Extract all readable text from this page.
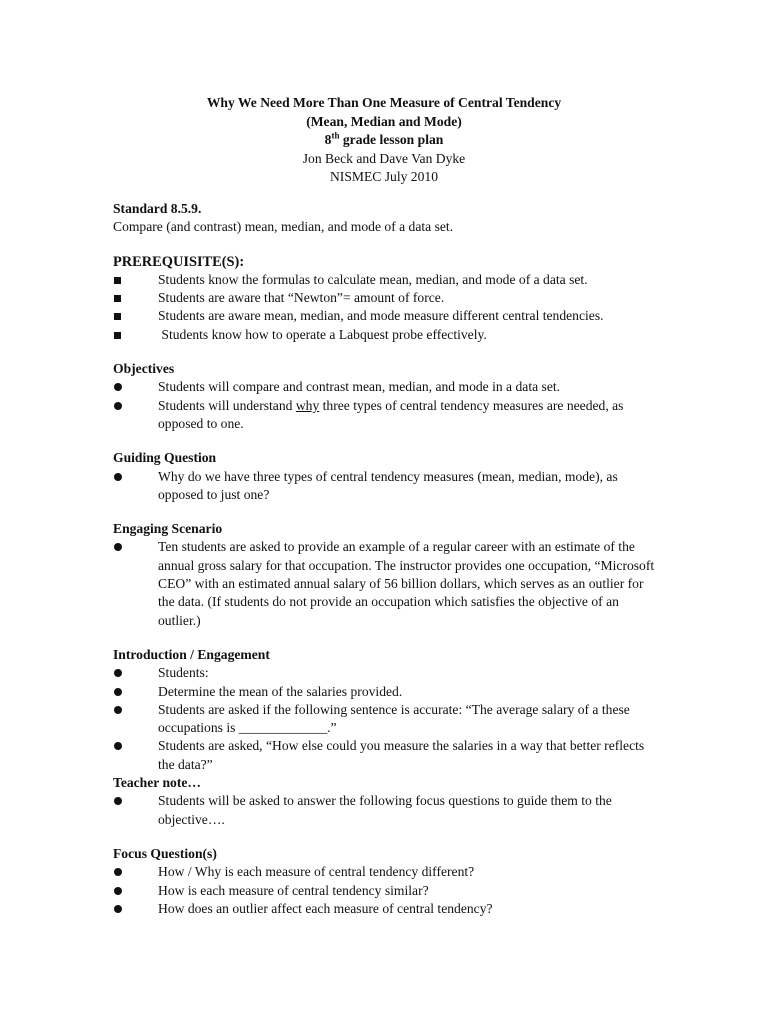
Why We Need More Than One Measure of Central Tendency
(Mean, Median and Mode)
8th grade lesson plan
Jon Beck and Dave Van Dyke
NISMEC July 2010
Standard 8.5.9.
Compare (and contrast) mean, median, and mode of a data set.
PREREQUISITE(S):
Students know the formulas to calculate mean, median, and mode of a data set.
Students are aware that “Newton”= amount of force.
Students are aware mean, median, and mode measure different central tendencies.
Students know how to operate a Labquest probe effectively.
Objectives
Students will compare and contrast mean, median, and mode in a data set.
Students will understand why three types of central tendency measures are needed, as opposed to one.
Guiding Question
Why do we have three types of central tendency measures (mean, median, mode), as opposed to just one?
Engaging Scenario
Ten students are asked to provide an example of a regular career with an estimate of the annual gross salary for that occupation. The instructor provides one occupation, “Microsoft CEO” with an estimated annual salary of 56 billion dollars, which serves as an outlier for the data. (If students do not provide an occupation which satisfies the objective of an outlier.)
Introduction / Engagement
Students:
Determine the mean of the salaries provided.
Students are asked if the following sentence is accurate: “The average salary of a these occupations is _____________.”
Students are asked, “How else could you measure the salaries in a way that better reflects the data?”
Teacher note…
Students will be asked to answer the following focus questions to guide them to the objective….
Focus Question(s)
How / Why is each measure of central tendency different?
How is each measure of central tendency similar?
How does an outlier affect each measure of central tendency?
